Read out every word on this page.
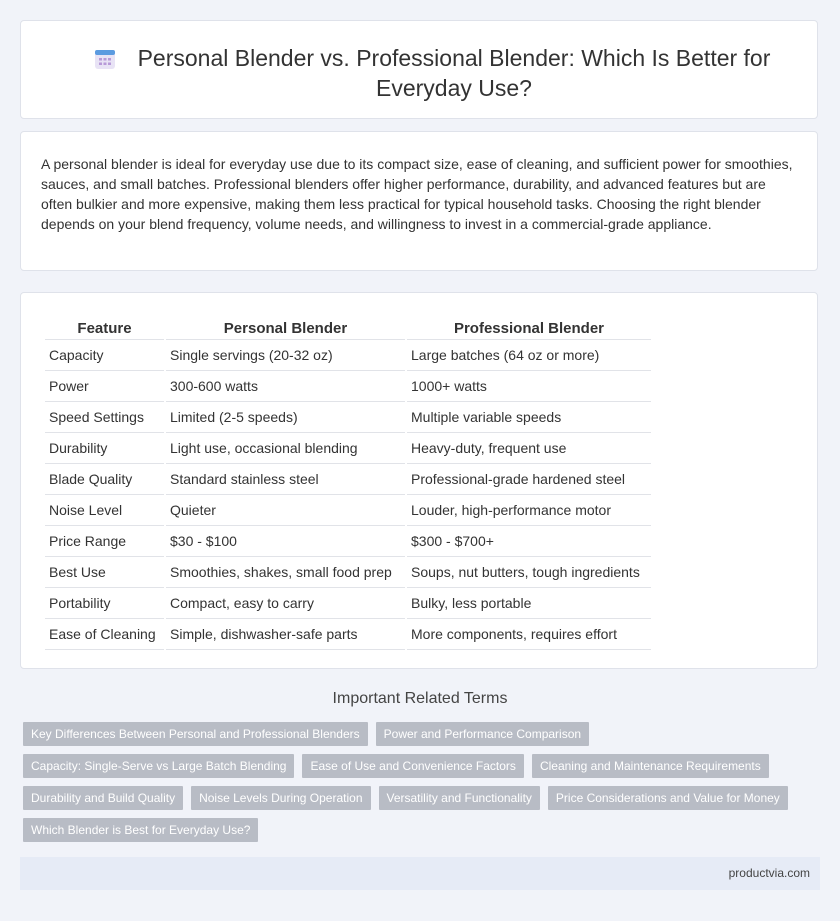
Personal Blender vs. Professional Blender: Which Is Better for Everyday Use?

A personal blender is ideal for everyday use due to its compact size, ease of cleaning, and sufficient power for smoothies, sauces, and small batches. Professional blenders offer higher performance, durability, and advanced features but are often bulkier and more expensive, making them less practical for typical household tasks. Choosing the right blender depends on your blend frequency, volume needs, and willingness to invest in a commercial-grade appliance.

Feature	Personal Blender	Professional Blender
Capacity	Single servings (20-32 oz)	Large batches (64 oz or more)
Power	300-600 watts	1000+ watts
Speed Settings	Limited (2-5 speeds)	Multiple variable speeds
Durability	Light use, occasional blending	Heavy-duty, frequent use
Blade Quality	Standard stainless steel	Professional-grade hardened steel
Noise Level	Quieter	Louder, high-performance motor
Price Range	$30 - $100	$300 - $700+
Best Use	Smoothies, shakes, small food prep	Soups, nut butters, tough ingredients
Portability	Compact, easy to carry	Bulky, less portable
Ease of Cleaning	Simple, dishwasher-safe parts	More components, requires effort
Important Related Terms
Key Differences Between Personal and Professional Blenders	Power and Performance Comparison
Capacity: Single-Serve vs Large Batch Blending	Ease of Use and Convenience Factors	Cleaning and Maintenance Requirements
Durability and Build Quality	Noise Levels During Operation	Versatility and Functionality	Price Considerations and Value for Money
Which Blender is Best for Everyday Use?
productvia.com
